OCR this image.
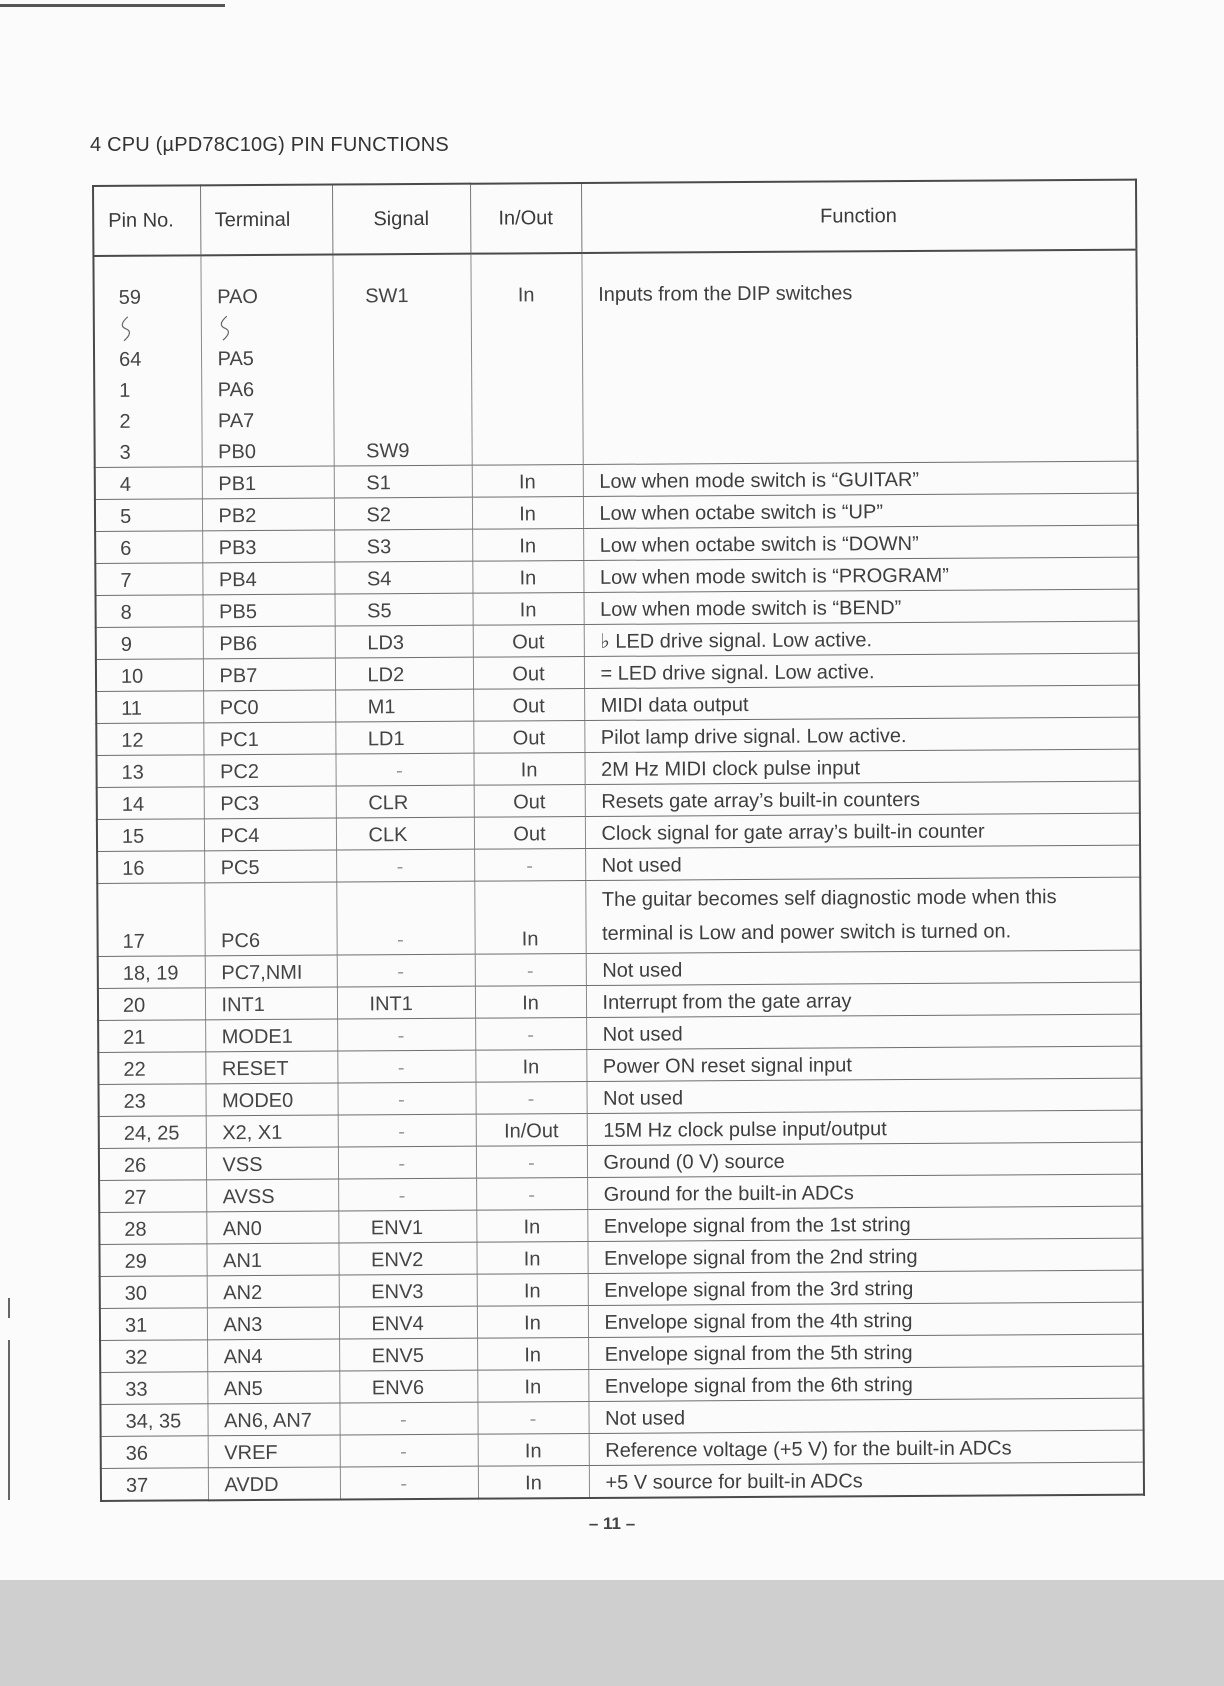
4 CPU (µPD78C10G) PIN FUNCTIONS
Pin No.	Terminal	Signal	In/Out	Function
59	PAO	SW1	In	Inputs from the DIP switches

64	PA5			
1	PA6			
2	PA7			
3	PB0	SW9		
4	PB1	S1	In	Low when mode switch is “GUITAR”
5	PB2	S2	In	Low when octabe switch is “UP”
6	PB3	S3	In	Low when octabe switch is “DOWN”
7	PB4	S4	In	Low when mode switch is “PROGRAM”
8	PB5	S5	In	Low when mode switch is “BEND”
9	PB6	LD3	Out	♭ LED drive signal. Low active.
10	PB7	LD2	Out	= LED drive signal. Low active.
11	PC0	M1	Out	MIDI data output
12	PC1	LD1	Out	Pilot lamp drive signal. Low active.
13	PC2	-	In	2M Hz MIDI clock pulse input
14	PC3	CLR	Out	Resets gate array’s built-in counters
15	PC4	CLK	Out	Clock signal for gate array’s built-in counter
16	PC5	-	-	Not used
17	PC6	-	In	The guitar becomes self diagnostic mode when this terminal is Low and power switch is turned on.
18, 19	PC7,NMI	-	-	Not used
20	INT1	INT1	In	Interrupt from the gate array
21	MODE1	-	-	Not used
22	RESET	-	In	Power ON reset signal input
23	MODE0	-	-	Not used
24, 25	X2, X1	-	In/Out	15M Hz clock pulse input/output
26	VSS	-	-	Ground (0 V) source
27	AVSS	-	-	Ground for the built-in ADCs
28	AN0	ENV1	In	Envelope signal from the 1st string
29	AN1	ENV2	In	Envelope signal from the 2nd string
30	AN2	ENV3	In	Envelope signal from the 3rd string
31	AN3	ENV4	In	Envelope signal from the 4th string
32	AN4	ENV5	In	Envelope signal from the 5th string
33	AN5	ENV6	In	Envelope signal from the 6th string
34, 35	AN6, AN7	-	-	Not used
36	VREF	-	In	Reference voltage (+5 V) for the built-in ADCs
37	AVDD	-	In	+5 V source for built-in ADCs
– 11 –
